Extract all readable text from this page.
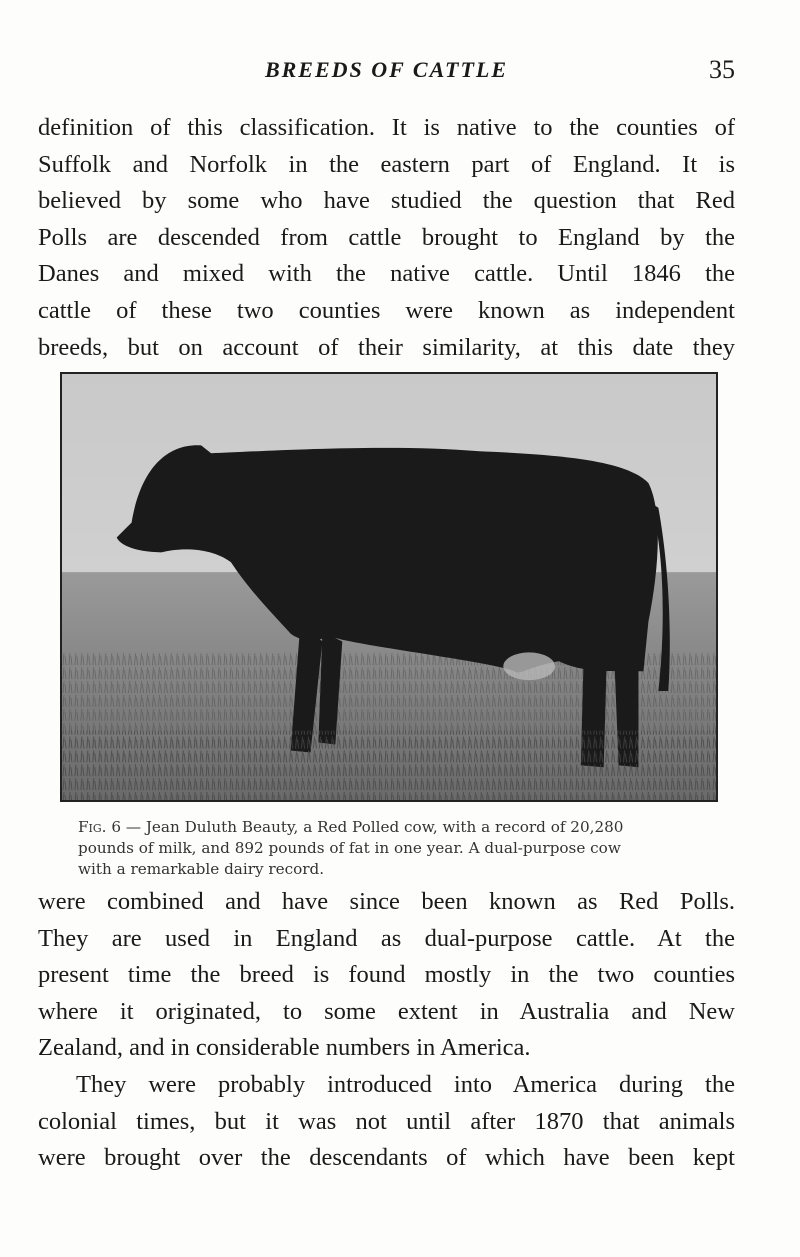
BREEDS OF CATTLE	35
definition of this classification. It is native to the counties of
Suffolk and Norfolk in the eastern part of England. It is
believed by some who have studied the question that Red
Polls are descended from cattle brought to England by the
Danes and mixed with the native cattle. Until 1846 the
cattle of these two counties were known as independent
breeds, but on account of their similarity, at this date they
Fig. 6 — Jean Duluth Beauty, a Red Polled cow, with a record of 20,280
pounds of milk, and 892 pounds of fat in one year. A dual-purpose cow
with a remarkable dairy record.
were combined and have since been known as Red Polls.
They are used in England as dual-purpose cattle. At the
present time the breed is found mostly in the two counties
where it originated, to some extent in Australia and New
Zealand, and in considerable numbers in America.
They were probably introduced into America during the
colonial times, but it was not until after 1870 that animals
were brought over the descendants of which have been kept
